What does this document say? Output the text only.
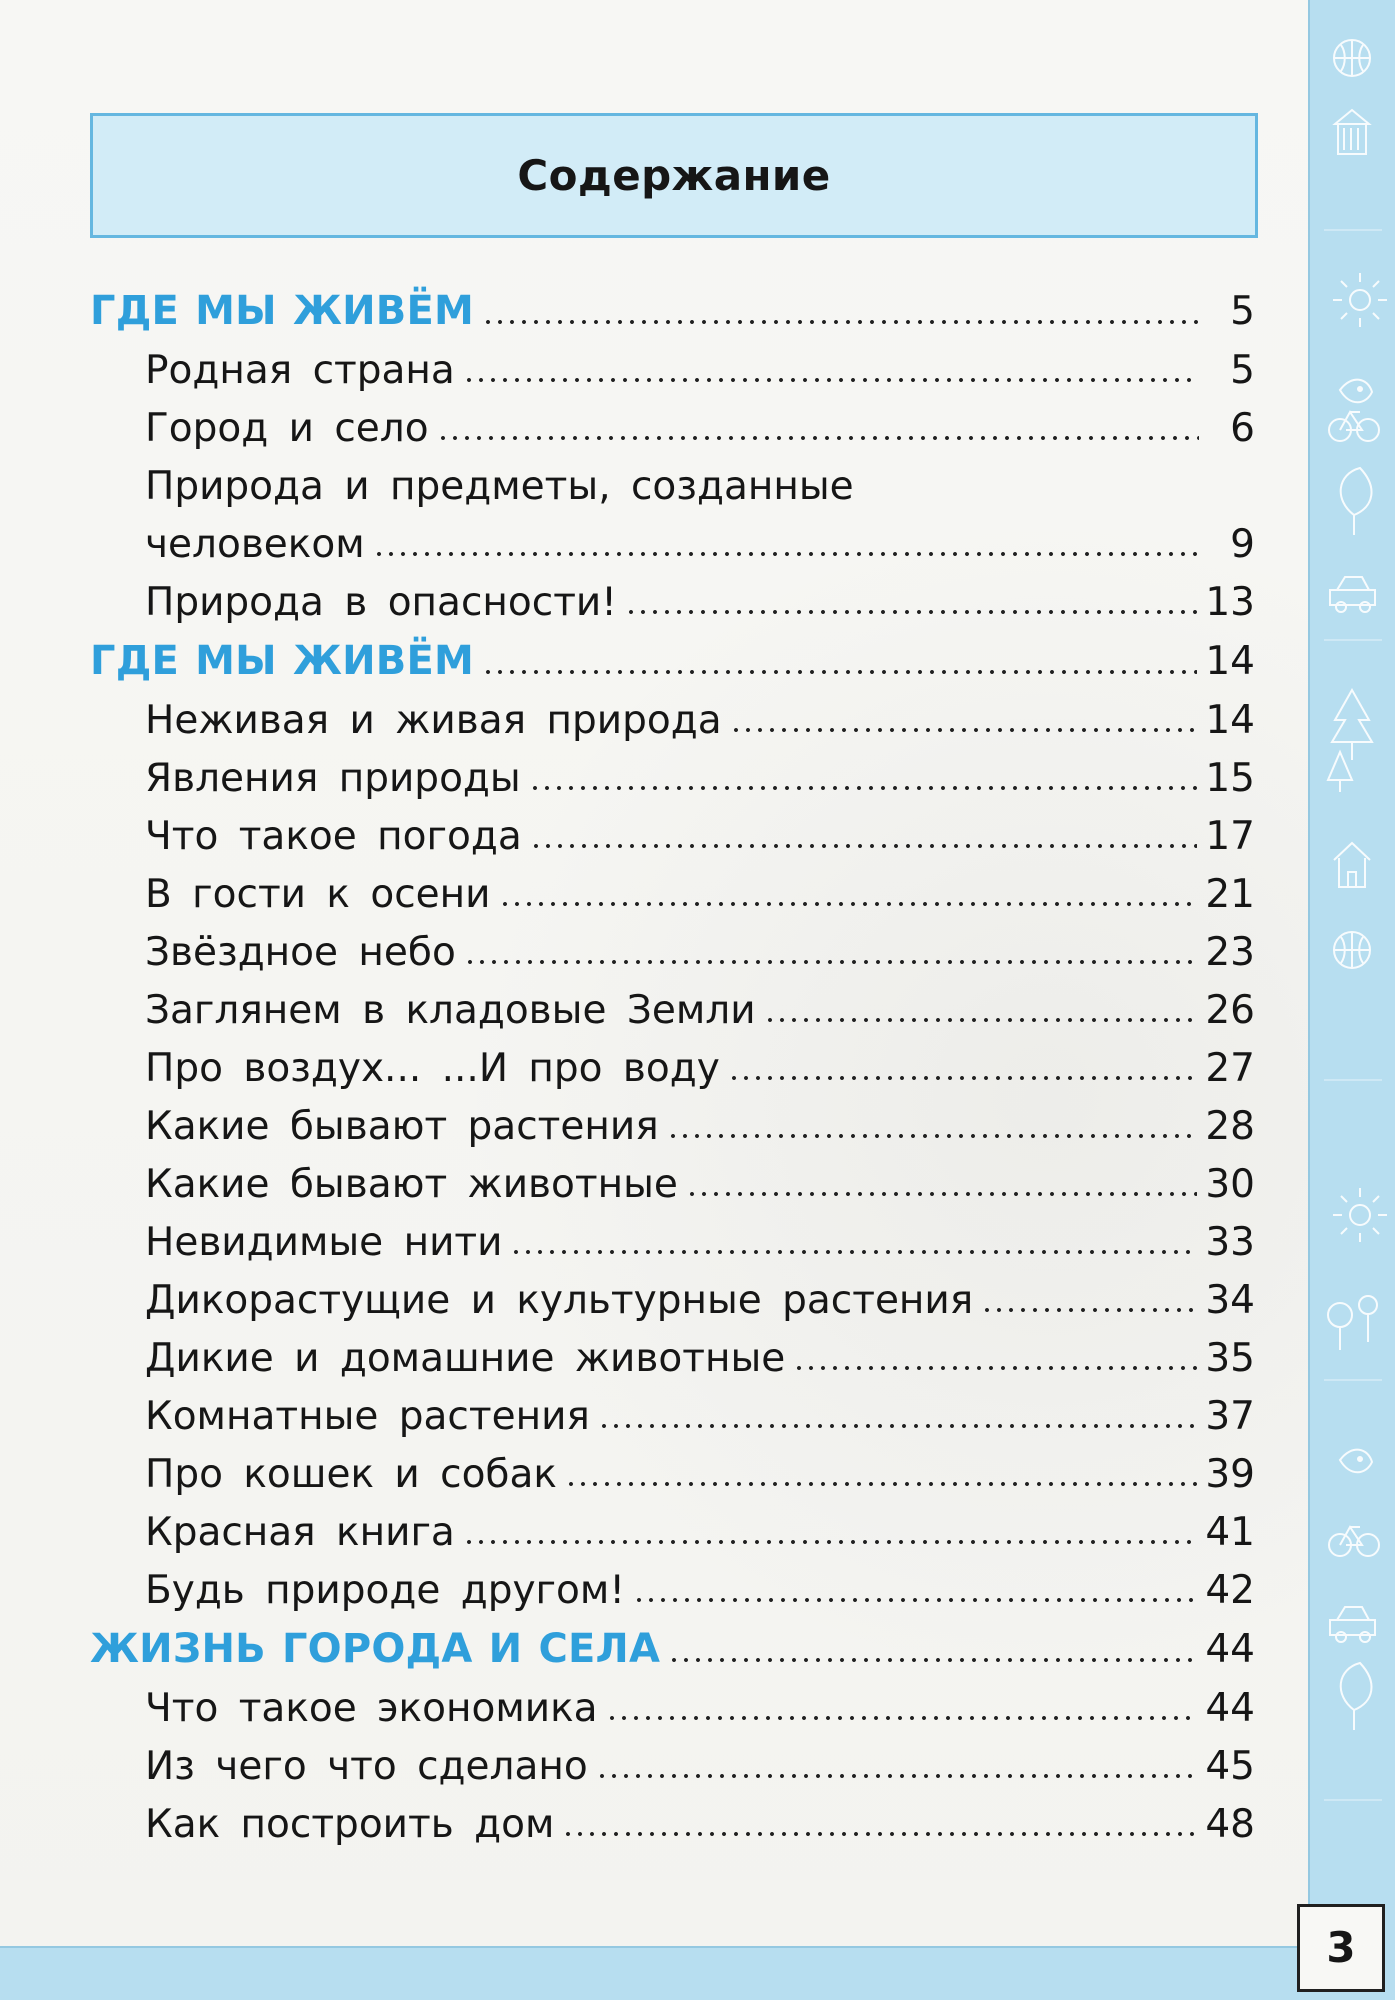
3
Содержание
ГДЕ МЫ ЖИВЁМ	5
Родная страна	5
Город и село	6
Природа и предметы, созданные
человеком	9
Природа в опасности!	13
ГДЕ МЫ ЖИВЁМ	14
Неживая и живая природа	14
Явления природы	15
Что такое погода	17
В гости к осени	21
Звёздное небо	23
Заглянем в кладовые Земли	26
Про воздух... ...И про воду	27
Какие бывают растения	28
Какие бывают животные	30
Невидимые нити	33
Дикорастущие и культурные растения	34
Дикие и домашние животные	35
Комнатные растения	37
Про кошек и собак	39
Красная книга	41
Будь природе другом!	42
ЖИЗНЬ ГОРОДА И СЕЛА	44
Что такое экономика	44
Из чего что сделано	45
Как построить дом	48
